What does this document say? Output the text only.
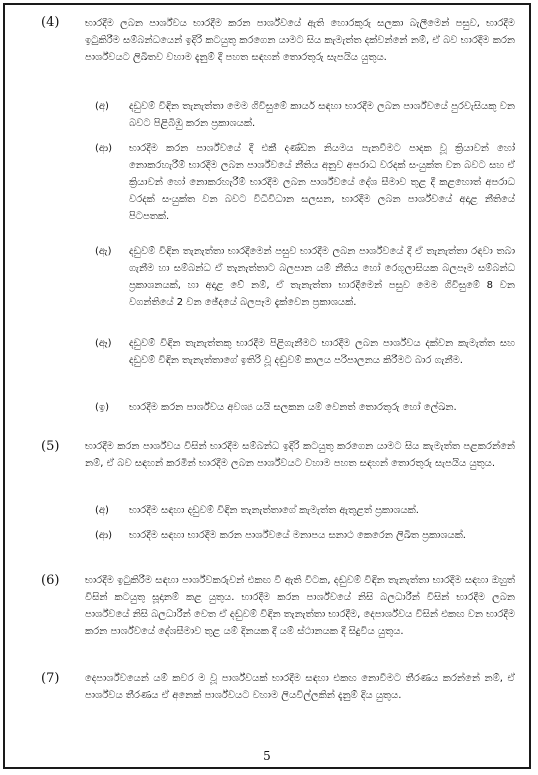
(4)	භාරදීම ලබන පාර්ශ්වය භාරදීම කරන පාර්ශ්වයේ ඇති හොරකුරු සලකා බැලීමෙන් පසුව, භාරදීම ඉටුකිරීම සම්බන්ධයෙන් ඉදිරි කටයුතු කරගෙන යාමට සිය කැමැත්ත දක්වන්නේ නම්, ඒ බව භාරදීම කරන පාර්ශ්වයට ලිඛිතව වහාම දැනුම් දී පහත සඳහන් තොරතුරු සැපයිය යුතුය.
(අ) දඩුවම් විඳින තැනැත්තා මෙම ගිවිසුමේ කාර්ය සඳහා භාරදීම ලබන පාර්ශ්වයේ පුරවැසියකු වන බවට පිළිබිඹු කරන ප්‍රකාශයක්.
(ආ) භාරදීම කරන පාර්ශ්වයේ දී එකී දණ්ඩන නියමය පැනවීමට පාදක වූ ක්‍රියාවන් හෝ නොකරහැරීම් භාරදීම ලබන පාර්ශ්වයේ නීතිය අනුව අපරාධ වරදක් සංයුක්ත වන බවට සහ ඒ ක්‍රියාවන් හෝ නොකරහැරීම් භාරදීම ලබන පාර්ශ්වයේ දේශ සීමාව තුළ දී කළහොත් අපරාධ වරදක් සංයුක්ත වන බවට විධිවිධාන සලසන, භාරදීම ලබන පාර්ශ්වයේ අදාළ නීතියේ පිටපතක්.
(ඇ) දඩුවම් විඳින තැනැත්තා භාරදීමෙන් පසුව භාරදීම ලබන පාර්ශ්වයේ දී ඒ තැනැත්තා රඳවා තබා ගැනීම හා සම්බන්ධ ඒ තැනැත්තාට බලපාන යම් නීතිය හෝ රෙගුලාසියක බලපෑම සම්බන්ධ ප්‍රකාශනයක්, හා අදාළ වේ නම්, ඒ තැනැත්තා භාරදීමෙන් පසුව මෙම ගිවිසුමේ 8 වන වගන්තියේ 2 වන ඡේදයේ බලපෑම දැක්වෙන ප්‍රකාශයක්.
(ඈ) දඩුවම් විඳින තැනැත්තකු භාරදීම පිළිගැනීමට භාරදීම ලබන පාර්ශ්වය දක්වන කැමැත්ත සහ දඩුවම් විඳින තැනැත්තාගේ ඉතිරි වූ දඬුවම් කාලය පරිපාලනය කිරීමට බාර ගැනීම.
(ඉ) භාරදීම කරන පාර්ශ්වය අවශ්‍ය යයි සලකන යම් වෙනත් තොරතුරු හෝ ලේඛන.
(5)	භාරදීම කරන පාර්ශ්වය විසින් භාරදීම සම්බන්ධ ඉදිරි කටයුතු කරගෙන යාමට සිය කැමැත්ත පළකරන්නේ නම්, ඒ බව සඳහන් කරමින් භාරදීම ලබන පාර්ශ්වයට වහාම පහත සඳහන් තොරතුරු සැපයිය යුතුය.
(අ) භාරදීම සඳහා දඩුවම් විඳින තැනැත්තාගේ කැමැත්ත ඇතුළත් ප්‍රකාශයක්.
(ආ) භාරදීම සඳහා භාරදීම කරන පාර්ශ්වයේ මනාපය සනාථ කෙරෙන ලිඛිත ප්‍රකාශයක්.
(6)	භාරදීම ඉටුකිරීම සඳහා පාර්ශ්වකරුවන් එකඟ වී ඇති විටක, දඬුවම් විඳින තැනැත්තා භාරදීම සඳහා ඔහුත් විසින් කටයුතු සූදානම් කළ යුතුය. භාරදීම කරන පාර්ශ්වයේ නිසි බලධාරීන් විසින් භාරදීම ලබන පාර්ශ්වයේ නිසි බලධාරීන් වෙත ඒ දඬුවම් විඳින තැනැත්තා භාරදීම, දෙපාර්ශ්වය විසින් එකඟ වන භාරදීම කරන පාර්ශ්වයේ දේශසීමාව තුළ යම් දිනයක දී යම් ස්ථානයක දී සිදුවිය යුතුය.
(7)	දෙපාර්ශ්වයෙන් යම් කවර ම වූ පාර්ශ්වයක් භාරදීම සඳහා එකඟ නොවීමට තීරණය කරන්නේ නම්, ඒ පාර්ශ්වය තීරණය ඒ අනෙක් පාර්ශ්වයට වහාම ලියවිල්ලකින් දැනුම් දිය යුතුය.
5
